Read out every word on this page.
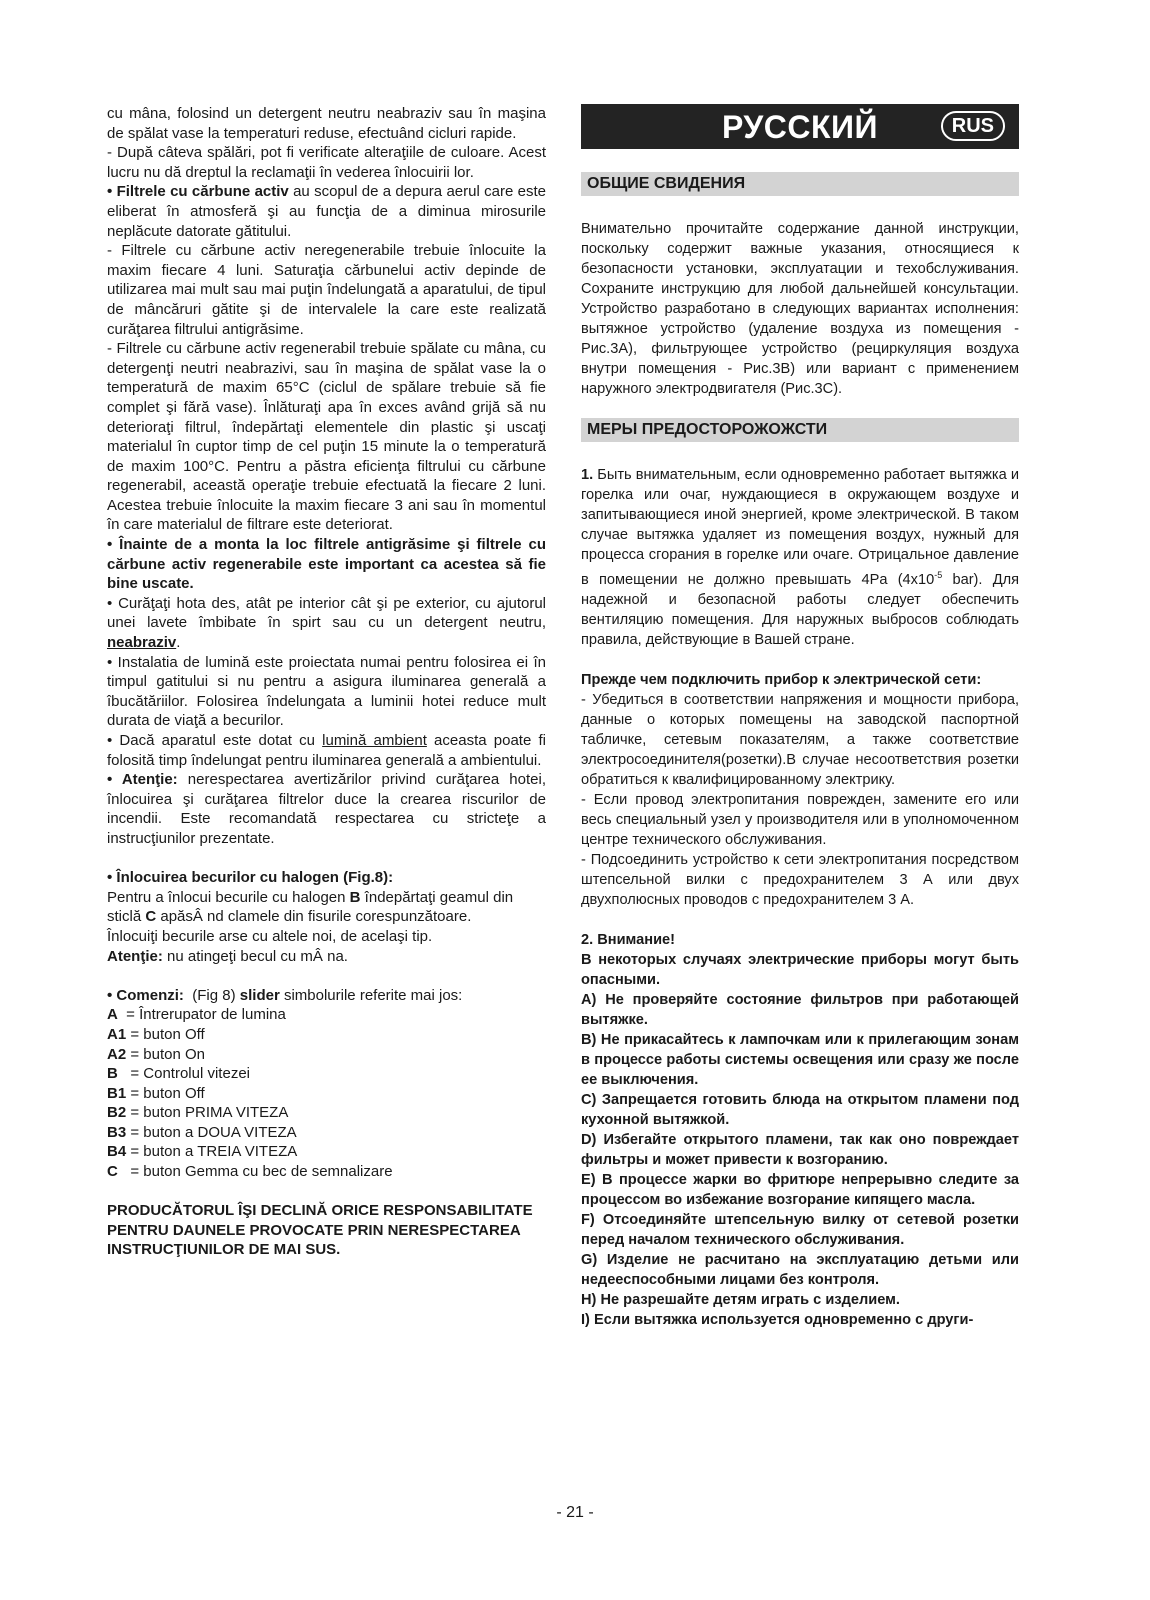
cu mâna, folosind un detergent neutru neabraziv sau în maşina de spălat vase la temperaturi reduse, efectuând cicluri rapide.

- După câteva spălări, pot fi verificate alteraţiile de culoare. Acest lucru nu dă dreptul la reclamaţii în vederea înlocuirii lor.

• Filtrele cu cărbune activ au scopul de a depura aerul care este eliberat în atmosferă şi au funcţia de a diminua mirosurile neplăcute datorate gătitului.

- Filtrele cu cărbune activ neregenerabile trebuie înlocuite la maxim fiecare 4 luni. Saturaţia cărbunelui activ depinde de utilizarea mai mult sau mai puţin îndelungată a aparatului, de tipul de mâncăruri gătite şi de intervalele la care este realizată curăţarea filtrului antigrăsime.

- Filtrele cu cărbune activ regenerabil trebuie spălate cu mâna, cu detergenţi neutri neabrazivi, sau în maşina de spălat vase la o temperatură de maxim 65°C (ciclul de spălare trebuie să fie complet şi fără vase). Înlăturaţi apa în exces având grijă să nu deterioraţi filtrul, îndepărtaţi elementele din plastic şi uscaţi materialul în cuptor timp de cel puţin 15 minute la o temperatură de maxim 100°C. Pentru a păstra eficienţa filtrului cu cărbune regenerabil, această operaţie trebuie efectuată la fiecare 2 luni. Acestea trebuie înlocuite la maxim fiecare 3 ani sau în momentul în care materialul de filtrare este deteriorat.

• Înainte de a monta la loc filtrele antigrăsime şi filtrele cu cărbune activ regenerabile este important ca acestea să fie bine uscate.

• Curăţaţi hota des, atât pe interior cât şi pe exterior, cu ajutorul unei lavete îmbibate în spirt sau cu un detergent neutru, neabraziv.

• Instalatia de lumină este proiectata numai pentru folosirea ei în timpul gatitului si nu pentru a asigura iluminarea generală a îbucătăriilor. Folosirea îndelungata a luminii hotei reduce mult durata de viaţă a becurilor.

• Dacă aparatul este dotat cu lumină ambient aceasta poate fi folosită timp îndelungat pentru iluminarea generală a ambientului.

• Atenţie: nerespectarea avertizărilor privind curăţarea hotei, înlocuirea şi curăţarea filtrelor duce la crearea riscurilor de incendii. Este recomandată respectarea cu stricteţe a instrucţiunilor prezentate.

• Înlocuirea becurilor cu halogen (Fig.8):

Pentru a înlocui becurile cu halogen B îndepărtaţi geamul din sticlă C apăsÂ nd clamele din fisurile corespunzătoare.

Înlocuiţi becurile arse cu altele noi, de acelaşi tip.

Atenţie: nu atingeţi becul cu mÂ na.

• Comenzi:  (Fig 8) slider simbolurile referite mai jos:

A  = Întrerupator de lumina

A1 = buton Off

A2 = buton On

B   = Controlul vitezei

B1 = buton Off

B2 = buton PRIMA VITEZA

B3 = buton a DOUA VITEZA

B4 = buton a TREIA VITEZA

C   = buton Gemma cu bec de semnalizare

PRODUCĂTORUL ÎŞI DECLINĂ ORICE RESPONSABILITATE PENTRU DAUNELE PROVOCATE PRIN NERESPECTAREA INSTRUCŢIUNILOR DE MAI SUS.

РУССКИЙ	RUS
ОБЩИЕ СВИДЕНИЯ

Внимательно прочитайте содержание данной инструкции, поскольку содержит важные указания, относящиеся к безопасности установки, эксплуатации и техобслуживания. Сохраните инструкцию для любой дальнейшей консультации. Устройство разработано в следующих вариантах исполнения: вытяжное устройство (удаление воздуха из помещения - Рис.3А), фильтрующее устройство (рециркуляция воздуха внутри помещения - Рис.3В) или вариант с применением наружного электродвигателя (Рис.3С).

МЕРЫ ПРЕДОСТОРОЖОЖСТИ

1. Быть внимательным, если одновременно работает вытяжка и горелка или очаг, нуждающиеся в окружающем воздухе и запитывающиеся иной энергией, кроме электрической. В таком случае вытяжка удаляет из помещения воздух, нужный для процесса сгорания в горелке или очаге. Отрицальное давление в помещении не должно превышать 4Pa ($4x10^{-5}$ bar). Для надежной и безопасной работы следует обеспечить вентиляцию помещения. Для наружных выбросов соблюдать правила, действующие в Вашей стране.

Прежде чем подключить прибор к электрической сети:

- Убедиться в соответствии напряжения и мощности прибора, данные о которых помещены на заводской паспортной табличке, сетевым показателям, а также соответствие электросоединителя(розетки).В случае несоответствия розетки обратиться к квалифицированному электрику.

- Если провод электропитания поврежден, замените его или весь специальный узел у производителя или в уполномоченном центре технического обслуживания.

- Подсоединить устройство к сети электропитания посредством штепсельной вилки с предохранителем 3 А или двух двухполюсных проводов с предохранителем 3 А.

2. Внимание!

В некоторых случаях электрические приборы могут быть опасными.

А) Не проверяйте состояние фильтров при работающей вытяжке.

В) Не прикасайтесь к лампочкам или к прилегающим зонам в процессе работы системы освещения или сразу же после ее выключения.

С) Запрещается готовить блюда на открытом пламени под кухонной вытяжкой.

D) Избегайте открытого пламени, так как оно повреждает фильтры и может привести к возгоранию.

Е) В процессе жарки во фритюре непрерывно следите за процессом во избежание возгорание кипящего масла.

F) Отсоединяйте штепсельную вилку от сетевой розетки перед началом технического обслуживания.

G) Изделие не расчитано на эксплуатацию детьми или недееспособными лицами без контроля.

H) Не разрешайте детям играть с изделием.

I) Если вытяжка используется одновременно с други-

- 21 -
